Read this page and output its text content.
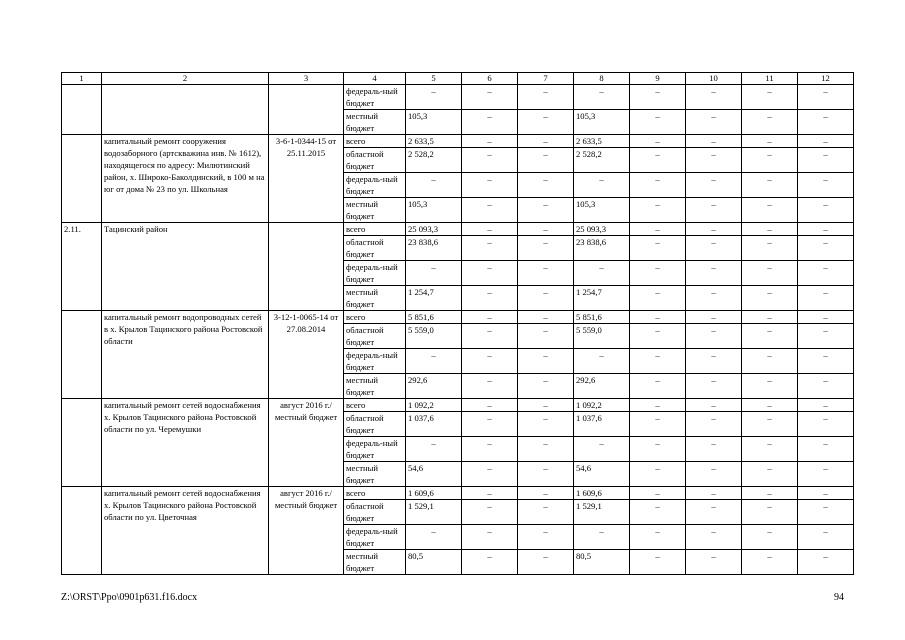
1	2	3	4	5	6	7	8	9	10	11	12
			федераль-ный бюджет	–	–	–	–	–	–	–	–
			местный бюджет	105,3	–	–	105,3	–	–	–	–
	капитальный ремонт сооружения водозаборного (артскважина инв. № 1612), находящегося по адресу: Милютинский район, х. Широко-Баколдинский, в 100 м на юг от дома № 23 по ул. Школьная	3-6-1-0344-15 от 25.11.2015	всего	2 633,5	–	–	2 633,5	–	–	–	–
			областной бюджет	2 528,2	–	–	2 528,2	–	–	–	–
			федераль-ный бюджет	–	–	–	–	–	–	–	–
			местный бюджет	105,3	–	–	105,3	–	–	–	–
2.11.	Тацинский район		всего	25 093,3	–	–	25 093,3	–	–	–	–
			областной бюджет	23 838,6	–	–	23 838,6	–	–	–	–
			федераль-ный бюджет	–	–	–	–	–	–	–	–
			местный бюджет	1 254,7	–	–	1 254,7	–	–	–	–
	капитальный ремонт водопроводных сетей в х. Крылов Тацинского района Ростовской области	3-12-1-0065-14 от 27.08.2014	всего	5 851,6	–	–	5 851,6	–	–	–	–
			областной бюджет	5 559,0	–	–	5 559,0	–	–	–	–
			федераль-ный бюджет	–	–	–	–	–	–	–	–
			местный бюджет	292,6	–	–	292,6	–	–	–	–
	капитальный ремонт сетей водоснабжения х. Крылов Тацинского района Ростовской области по ул. Черемушки	август 2016 г./ местный бюджет	всего	1 092,2	–	–	1 092,2	–	–	–	–
			областной бюджет	1 037,6	–	–	1 037,6	–	–	–	–
			федераль-ный бюджет	–	–	–	–	–	–	–	–
			местный бюджет	54,6	–	–	54,6	–	–	–	–
	капитальный ремонт сетей водоснабжения х. Крылов Тацинского района Ростовской области по ул. Цветочная	август 2016 г./ местный бюджет	всего	1 609,6	–	–	1 609,6	–	–	–	–
			областной бюджет	1 529,1	–	–	1 529,1	–	–	–	–
			федераль-ный бюджет	–	–	–	–	–	–	–	–
			местный бюджет	80,5	–	–	80,5	–	–	–	–
Z:\ORST\Ppo\0901p631.f16.docx	94
